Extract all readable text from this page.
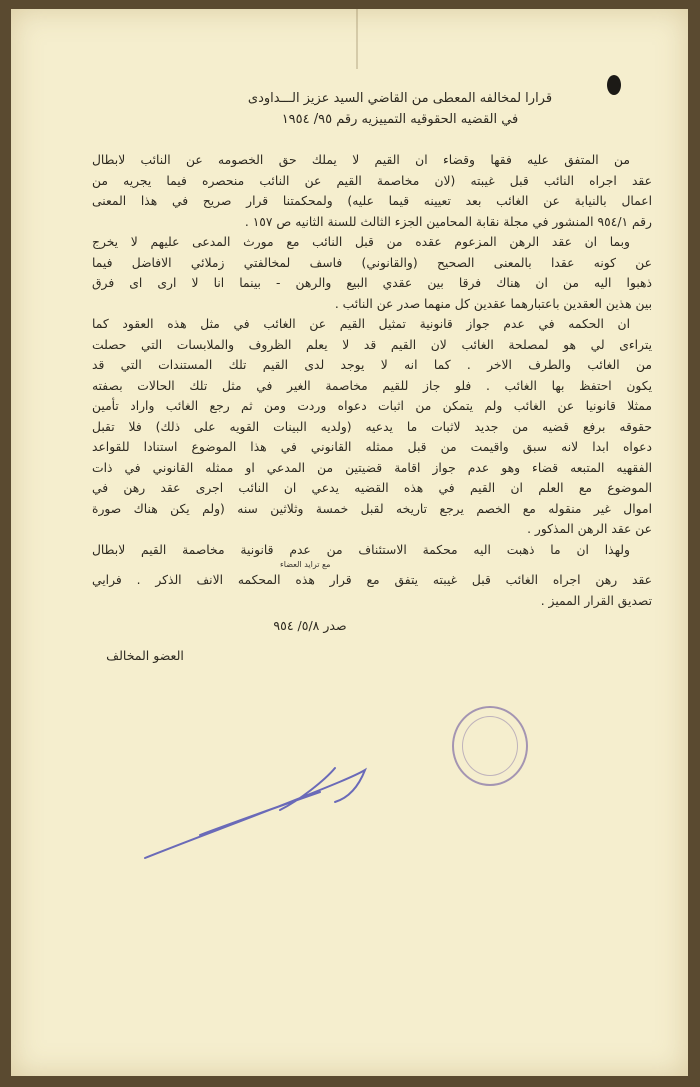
قرارا لمخالفه المعطى من القاضي السيد عزيز الـــداودى
في القضيه الحقوقيه التمييزيه رقم ٩٥/ ١٩٥٤
من المتفق عليه فقها وقضاء ان القيم لا يملك حق الخصومه عن النائب لابطال
عقد اجراه النائب قبل غيبته (لان مخاصمة القيم عن النائب منحصره فيما يجريه من
اعمال بالنيابة عن الغائب بعد تعيينه قيما عليه) ولمحكمتنا قرار صريح في هذا المعنى
رقم ٩٥٤/١ المنشور في مجلة نقابة المحامين الجزء الثالث للسنة الثانيه ص ١٥٧ .
وبما ان عقد الرهن المزعوم عقده من قبل النائب مع مورث المدعى عليهم لا يخرج
عن كونه عقدا بالمعنى الصحيح (والقانوني) فاسف لمخالفتي زملائي الافاضل فيما
ذهبوا اليه من ان هناك فرقا بين عقدي البيع والرهن - بينما انا لا ارى اى فرق
بين هذين العقدين باعتبارهما عقدين كل منهما صدر عن النائب .
ان الحكمه في عدم جواز قانونية تمثيل القيم عن الغائب في مثل هذه العقود كما
يتراءى لي هو لمصلحة الغائب لان القيم قد لا يعلم الظروف والملابسات التي حصلت
من الغائب والطرف الاخر . كما انه لا يوجد لدى القيم تلك المستندات التي قد
يكون احتفظ بها الغائب . فلو جاز للقيم مخاصمة الغير في مثل تلك الحالات بصفته
ممثلا قانونيا عن الغائب ولم يتمكن من اثبات دعواه وردت ومن ثم رجع الغائب واراد تأمين
حقوقه برفع قضيه من جديد لاثبات ما يدعيه (ولديه البينات القويه على ذلك) فلا تقبل
دعواه ابدا لانه سبق واقيمت من قبل ممثله القانوني في هذا الموضوع استنادا للقواعد
الفقهيه المتبعه قضاء وهو عدم جواز اقامة قضيتين من المدعي او ممثله القانوني في ذات
الموضوع مع العلم ان القيم في هذه القضيه يدعي ان النائب اجرى عقد رهن في
اموال غير منقوله مع الخصم يرجع تاريخه لقبل خمسة وثلاثين سنه (ولم يكن هناك صورة
عن عقد الرهن المذكور .
ولهذا ان ما ذهبت اليه محكمة الاستئناف من عدم قانونية مخاصمة القيم لابطال
عقد رهن اجراه الغائب قبل غيبته يتفق مع قرار هذه المحكمه الانف الذكر . فرايي
تصديق القرار المميز .
مع ترايد العضاء
صدر ٥/٨/ ٩٥٤
العضو المخالف
